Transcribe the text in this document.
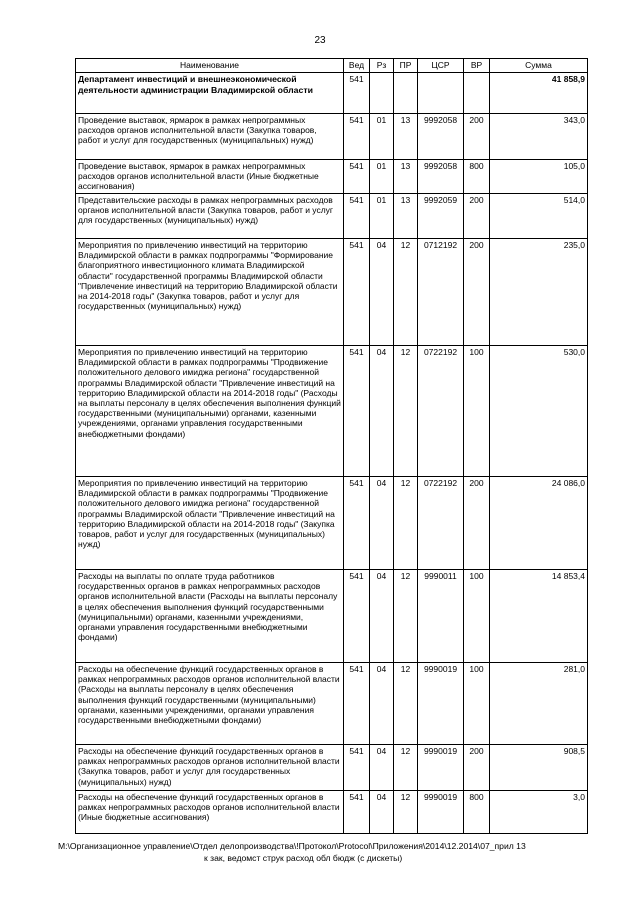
23
Наименование	Вед	Рз	ПР	ЦСР	ВР	Сумма
Департамент инвестиций и внешнеэкономической деятельности администрации Владимирской области	541					41 858,9
Проведение выставок, ярмарок в рамках непрограммных расходов органов исполнительной власти (Закупка товаров, работ и услуг для государственных (муниципальных) нужд)	541	01	13	9992058	200	343,0
Проведение выставок, ярмарок в рамках непрограммных расходов органов исполнительной власти (Иные бюджетные ассигнования)	541	01	13	9992058	800	105,0
Представительские расходы в рамках непрограммных расходов органов исполнительной власти (Закупка товаров, работ и услуг для государственных (муниципальных) нужд)	541	01	13	9992059	200	514,0
Мероприятия по привлечению инвестиций на территорию Владимирской области в рамках подпрограммы "Формирование благоприятного инвестиционного климата Владимирской области" государственной программы Владимирской области "Привлечение инвестиций на территорию Владимирской области на 2014-2018 годы" (Закупка товаров, работ и услуг для государственных (муниципальных) нужд)	541	04	12	0712192	200	235,0
Мероприятия по привлечению инвестиций на территорию Владимирской области в рамках подпрограммы "Продвижение положительного делового имиджа региона" государственной программы Владимирской области "Привлечение инвестиций на территорию Владимирской области на 2014-2018 годы" (Расходы на выплаты персоналу в целях обеспечения выполнения функций государственными (муниципальными) органами, казенными учреждениями, органами управления государственными внебюджетными фондами)	541	04	12	0722192	100	530,0
Мероприятия по привлечению инвестиций на территорию Владимирской области в рамках подпрограммы "Продвижение положительного делового имиджа региона" государственной программы Владимирской области "Привлечение инвестиций на территорию Владимирской области на 2014-2018 годы" (Закупка товаров, работ и услуг для государственных (муниципальных) нужд)	541	04	12	0722192	200	24 086,0
Расходы на выплаты по оплате труда работников государственных органов в рамках непрограммных расходов органов исполнительной власти (Расходы на выплаты персоналу в целях обеспечения выполнения функций государственными (муниципальными) органами, казенными учреждениями, органами управления государственными внебюджетными фондами)	541	04	12	9990011	100	14 853,4
Расходы на обеспечение функций государственных органов в рамках непрограммных расходов органов исполнительной власти (Расходы на выплаты персоналу в целях обеспечения выполнения функций государственными (муниципальными) органами, казенными учреждениями, органами управления государственными внебюджетными фондами)	541	04	12	9990019	100	281,0
Расходы на обеспечение функций государственных органов в рамках непрограммных расходов органов исполнительной власти (Закупка товаров, работ и услуг для государственных (муниципальных) нужд)	541	04	12	9990019	200	908,5
Расходы на обеспечение функций государственных органов в рамках непрограммных расходов органов исполнительной власти (Иные бюджетные ассигнования)	541	04	12	9990019	800	3,0
M:\Организационное управление\Отдел делопроизводства\!Протокол\Protocol\Приложения\2014\12.2014\07_прил 13
к зак, ведомст струк расход обл бюдж (с дискеты)
